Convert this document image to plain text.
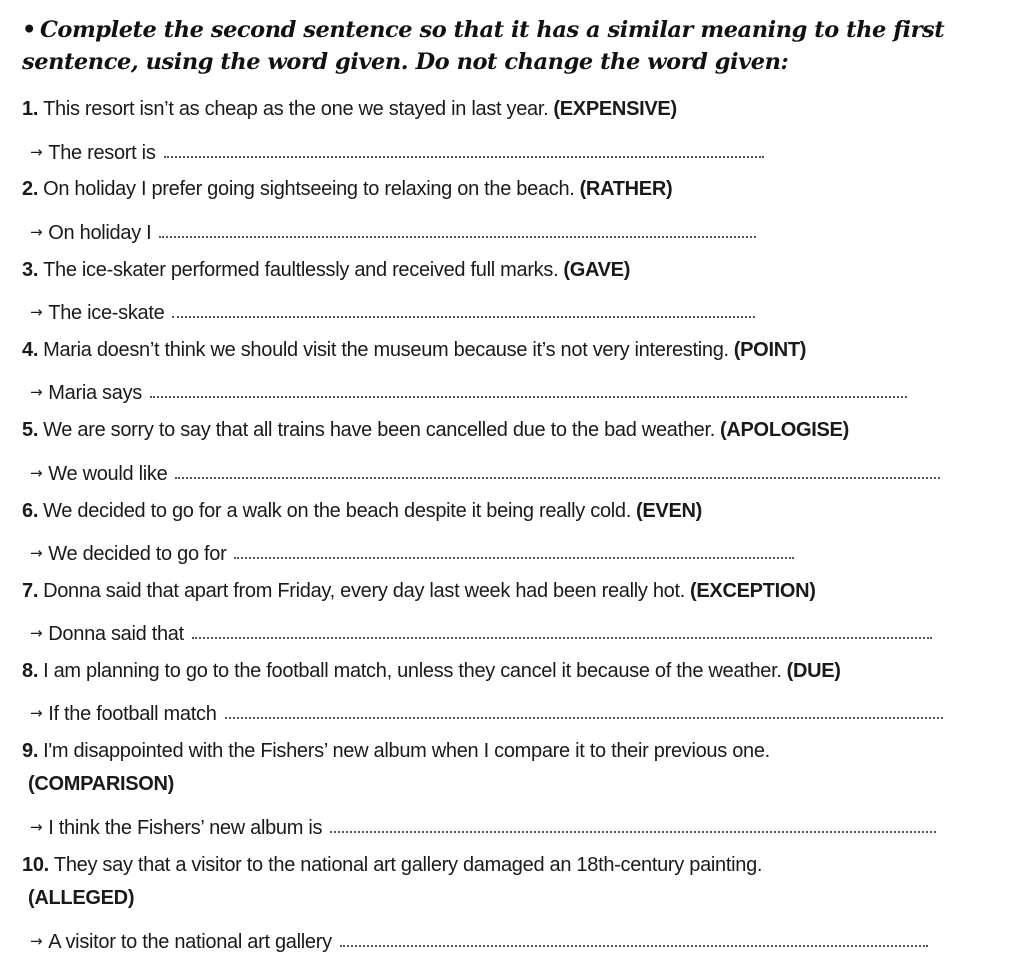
• Complete the second sentence so that it has a similar meaning to the first sentence, using the word given. Do not change the word given:
1. This resort isn’t as cheap as the one we stayed in last year. (EXPENSIVE)
→ The resort is
2. On holiday I prefer going sightseeing to relaxing on the beach. (RATHER)
→ On holiday I
3. The ice-skater performed faultlessly and received full marks. (GAVE)
→ The ice-skate
4. Maria doesn’t think we should visit the museum because it’s not very interesting. (POINT)
→ Maria says
5. We are sorry to say that all trains have been cancelled due to the bad weather. (APOLOGISE)
→ We would like
6. We decided to go for a walk on the beach despite it being really cold. (EVEN)
→ We decided to go for
7. Donna said that apart from Friday, every day last week had been really hot. (EXCEPTION)
→ Donna said that
8. I am planning to go to the football match, unless they cancel it because of the weather. (DUE)
→ If the football match
9. I'm disappointed with the Fishers’ new album when I compare it to their previous one.
(COMPARISON)
→ I think the Fishers’ new album is
10. They say that a visitor to the national art gallery damaged an 18th-century painting.
(ALLEGED)
→ A visitor to the national art gallery
